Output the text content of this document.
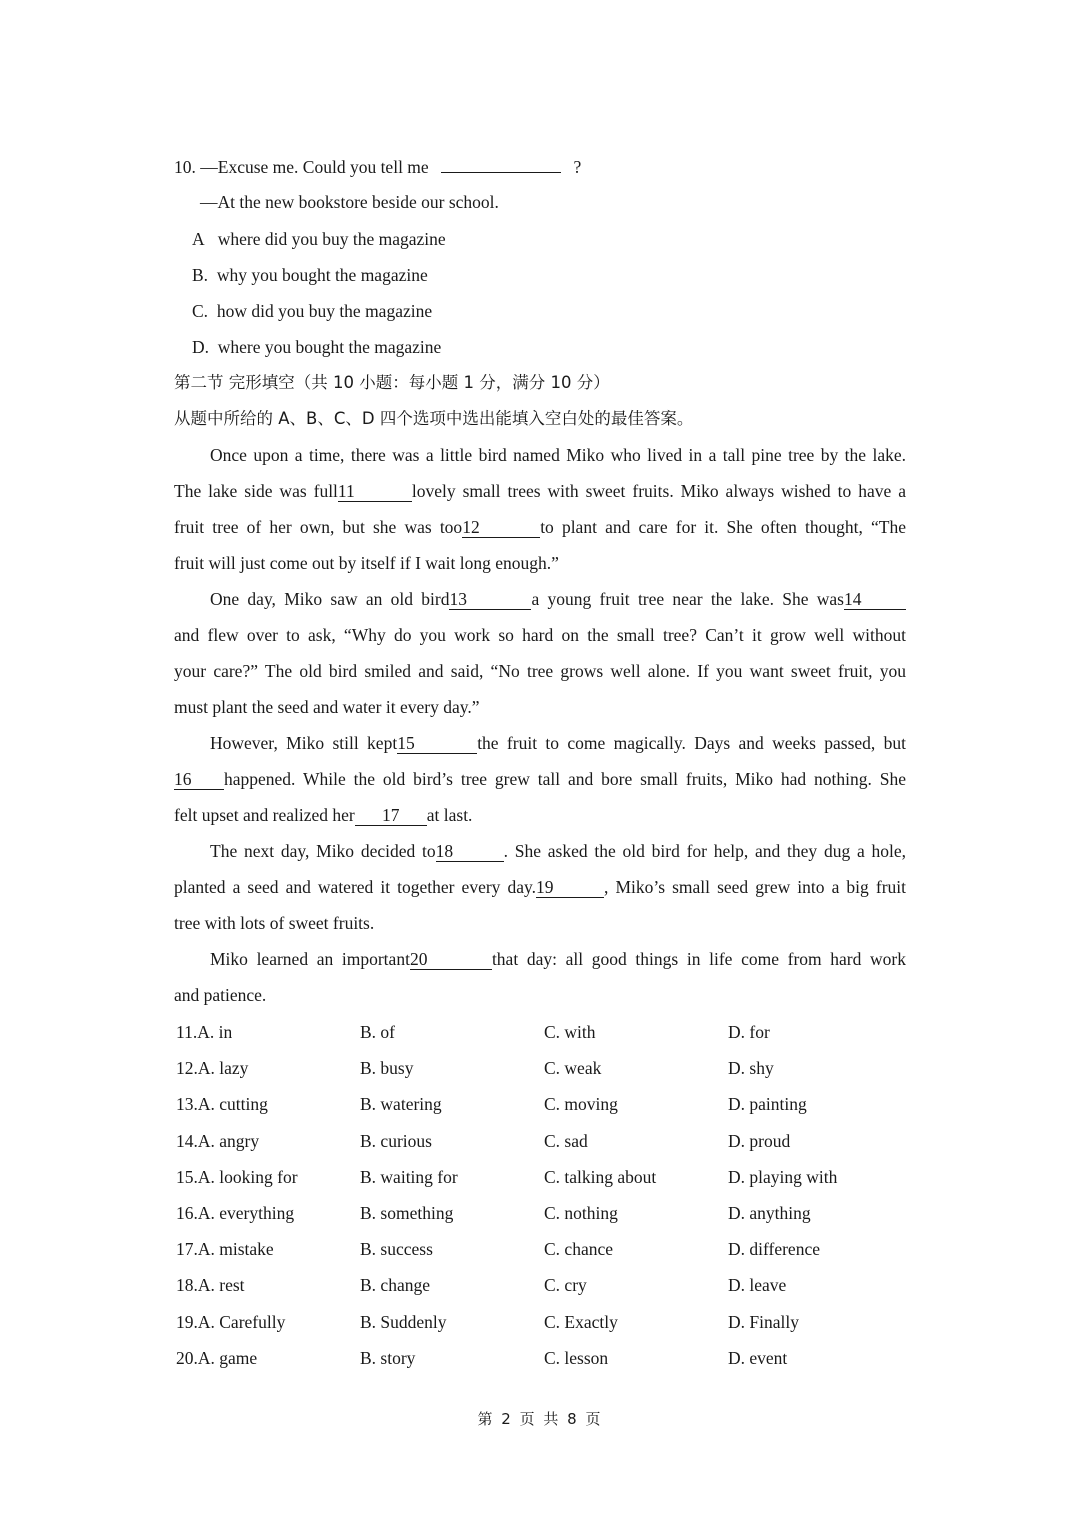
10. —Excuse me. Could you tell me	?
—At the new bookstore beside our school.
A where did you buy the magazine
B. why you bought the magazine
C. how did you buy the magazine
D. where you bought the magazine
第二节 完形填空（共 10 小题：每小题 1 分，满分 10 分）
从题中所给的 A、B、C、D 四个选项中选出能填入空白处的最佳答案。
Once upon a time, there was a little bird named Miko who lived in a tall pine tree by the lake.
The lake side was full11	lovely small trees with sweet fruits. Miko always wished to have a
fruit tree of her own, but she was too12	to plant and care for it. She often thought, “The
fruit will just come out by itself if I wait long enough.”
One day, Miko saw an old bird13	a young fruit tree near the lake. She was14
and flew over to ask, “Why do you work so hard on the small tree? Can’t it grow well without
your care?” The old bird smiled and said, “No tree grows well alone. If you want sweet fruit, you
must plant the seed and water it every day.”
However, Miko still kept15	the fruit to come magically. Days and weeks passed, but
16 happened. While the old bird’s tree grew tall and bore small fruits, Miko had nothing. She
felt upset and realized her 17 at last.
The next day, Miko decided to18	. She asked the old bird for help, and they dug a hole,
planted a seed and watered it together every day.19	, Miko’s small seed grew into a big fruit
tree with lots of sweet fruits.
Miko learned an important20	that day: all good things in life come from hard work
and patience.
11.A. in	B. of	C. with	D. for
12.A. lazy	B. busy	C. weak	D. shy
13.A. cutting	B. watering	C. moving	D. painting
14.A. angry	B. curious	C. sad	D. proud
15.A. looking for	B. waiting for	C. talking about	D. playing with
16.A. everything	B. something	C. nothing	D. anything
17.A. mistake	B. success	C. chance	D. difference
18.A. rest	B. change	C. cry	D. leave
19.A. Carefully	B. Suddenly	C. Exactly	D. Finally
20.A. game	B. story	C. lesson	D. event
第 2 页 共 8 页
